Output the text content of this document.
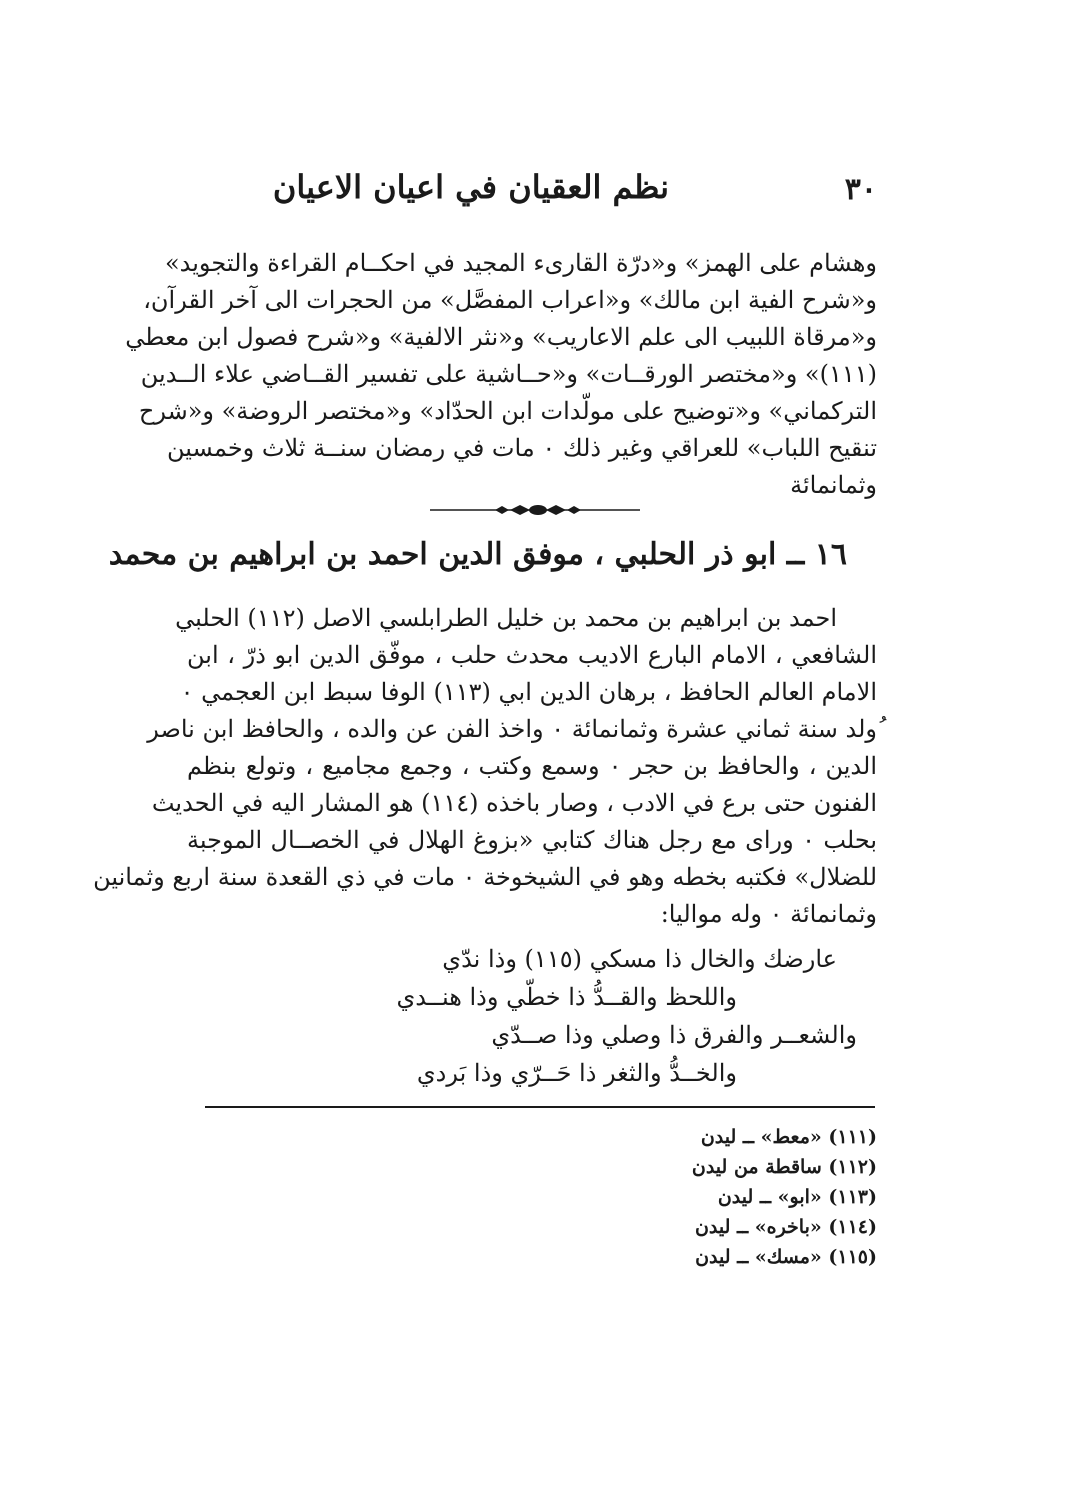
٣٠
نظم العقيان في اعيان الاعيان
وهشام على الهمز» و«درّة القارىء المجيد في احكــام القراءة والتجويد»
و«شرح الفية ابن مالك» و«اعراب المفصَّل» من الحجرات الى آخر القرآن،
و«مرقاة اللبيب الى علم الاعاريب» و«نثر الالفية» و«شرح فصول ابن معطي
(١١١)» و«مختصر الورقــات» و«حــاشية على تفسير القــاضي علاء الــدين
التركماني» و«توضيح على مولّدات ابن الحدّاد» و«مختصر الروضة» و«شرح
تنقيح اللباب» للعراقي وغير ذلك ٠ مات في رمضان سنــة ثلاث وخمسين
وثمانمائة
١٦ ــ ابو ذر الحلبي ، موفق الدين احمد بن ابراهيم بن محمد
احمد بن ابراهيم بن محمد بن خليل الطرابلسي الاصل (١١٢) الحلبي
الشافعي ، الامام البارع الاديب محدث حلب ، موفّق الدين ابو ذرّ ، ابن
الامام العالم الحافظ ، برهان الدين ابي (١١٣) الوفا سبط ابن العجمي ٠
ُولد سنة ثماني عشرة وثمانمائة ٠ واخذ الفن عن والده ، والحافظ ابن ناصر
الدين ، والحافظ بن حجر ٠ وسمع وكتب ، وجمع مجاميع ، وتولع بنظم
الفنون حتى برع في الادب ، وصار باخذه (١١٤) هو المشار اليه في الحديث
بحلب ٠ ورای مع رجل هناك كتابي «بزوغ الهلال في الخصــال الموجبة
للضلال» فكتبه بخطه وهو في الشيخوخة ٠ مات في ذي القعدة سنة اربع وثمانين
وثمانمائة ٠ وله مواليا:
عارضك والخال ذا مسكي (١١٥) وذا ندّي
واللحظ والقــدُّ ذا خطّي وذا هنــدي
والشعــر والفرق ذا وصلي وذا صــدّي
والخــدُّ والثغر ذا حَــرّي وذا بَردي
(١١١) «معط» ــ ليدن
(١١٢) ساقطة من ليدن
(١١٣) «ابو» ــ ليدن
(١١٤) «باخره» ــ ليدن
(١١٥) «مسك» ــ ليدن
